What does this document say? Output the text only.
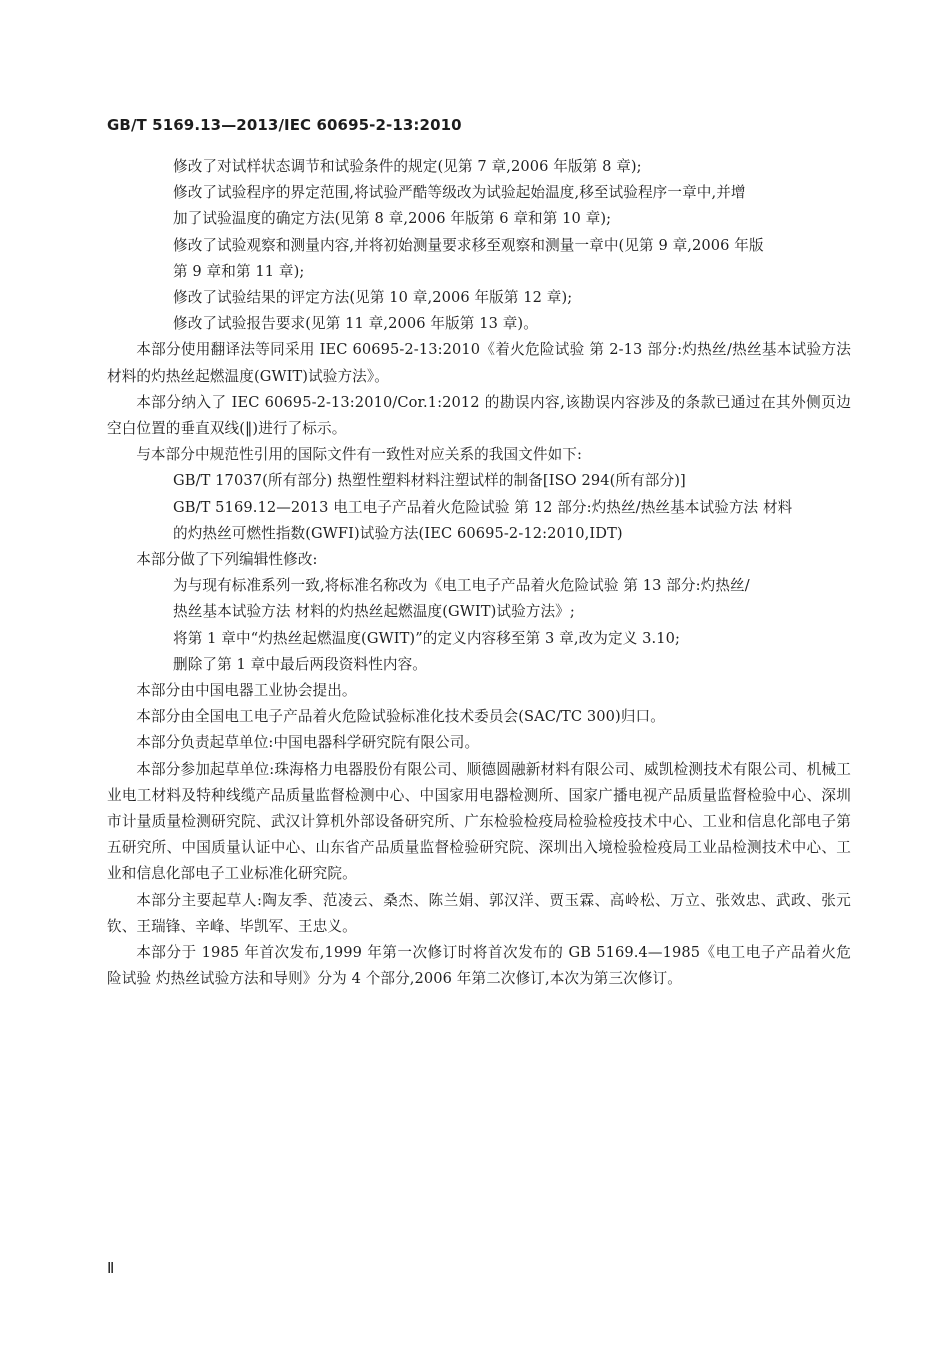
GB/T 5169.13—2013/IEC 60695-2-13:2010
修改了对试样状态调节和试验条件的规定(见第 7 章,2006 年版第 8 章);
修改了试验程序的界定范围,将试验严酷等级改为试验起始温度,移至试验程序一章中,并增
加了试验温度的确定方法(见第 8 章,2006 年版第 6 章和第 10 章);
修改了试验观察和测量内容,并将初始测量要求移至观察和测量一章中(见第 9 章,2006 年版
第 9 章和第 11 章);
修改了试验结果的评定方法(见第 10 章,2006 年版第 12 章);
修改了试验报告要求(见第 11 章,2006 年版第 13 章)。

本部分使用翻译法等同采用 IEC 60695-2-13:2010《着火危险试验 第 2-13 部分:灼热丝/热丝基本试验方法 材料的灼热丝起燃温度(GWIT)试验方法》。

本部分纳入了 IEC 60695-2-13:2010/Cor.1:2012 的勘误内容,该勘误内容涉及的条款已通过在其外侧页边空白位置的垂直双线(‖)进行了标示。

与本部分中规范性引用的国际文件有一致性对应关系的我国文件如下:

GB/T 17037(所有部分) 热塑性塑料材料注塑试样的制备[ISO 294(所有部分)]
GB/T 5169.12—2013 电工电子产品着火危险试验 第 12 部分:灼热丝/热丝基本试验方法 材料
的灼热丝可燃性指数(GWFI)试验方法(IEC 60695-2-12:2010,IDT)

本部分做了下列编辑性修改:

为与现有标准系列一致,将标准名称改为《电工电子产品着火危险试验 第 13 部分:灼热丝/
热丝基本试验方法 材料的灼热丝起燃温度(GWIT)试验方法》;
将第 1 章中“灼热丝起燃温度(GWIT)”的定义内容移至第 3 章,改为定义 3.10;
删除了第 1 章中最后两段资料性内容。

本部分由中国电器工业协会提出。

本部分由全国电工电子产品着火危险试验标准化技术委员会(SAC/TC 300)归口。

本部分负责起草单位:中国电器科学研究院有限公司。

本部分参加起草单位:珠海格力电器股份有限公司、顺德圆融新材料有限公司、威凯检测技术有限公司、机械工业电工材料及特种线缆产品质量监督检测中心、中国家用电器检测所、国家广播电视产品质量监督检验中心、深圳市计量质量检测研究院、武汉计算机外部设备研究所、广东检验检疫局检验检疫技术中心、工业和信息化部电子第五研究所、中国质量认证中心、山东省产品质量监督检验研究院、深圳出入境检验检疫局工业品检测技术中心、工业和信息化部电子工业标准化研究院。

本部分主要起草人:陶友季、范凌云、桑杰、陈兰娟、郭汉洋、贾玉霖、高岭松、万立、张效忠、武政、张元钦、王瑞锋、辛峰、毕凯军、王忠义。

本部分于 1985 年首次发布,1999 年第一次修订时将首次发布的 GB 5169.4—1985《电工电子产品着火危险试验 灼热丝试验方法和导则》分为 4 个部分,2006 年第二次修订,本次为第三次修订。

Ⅱ
